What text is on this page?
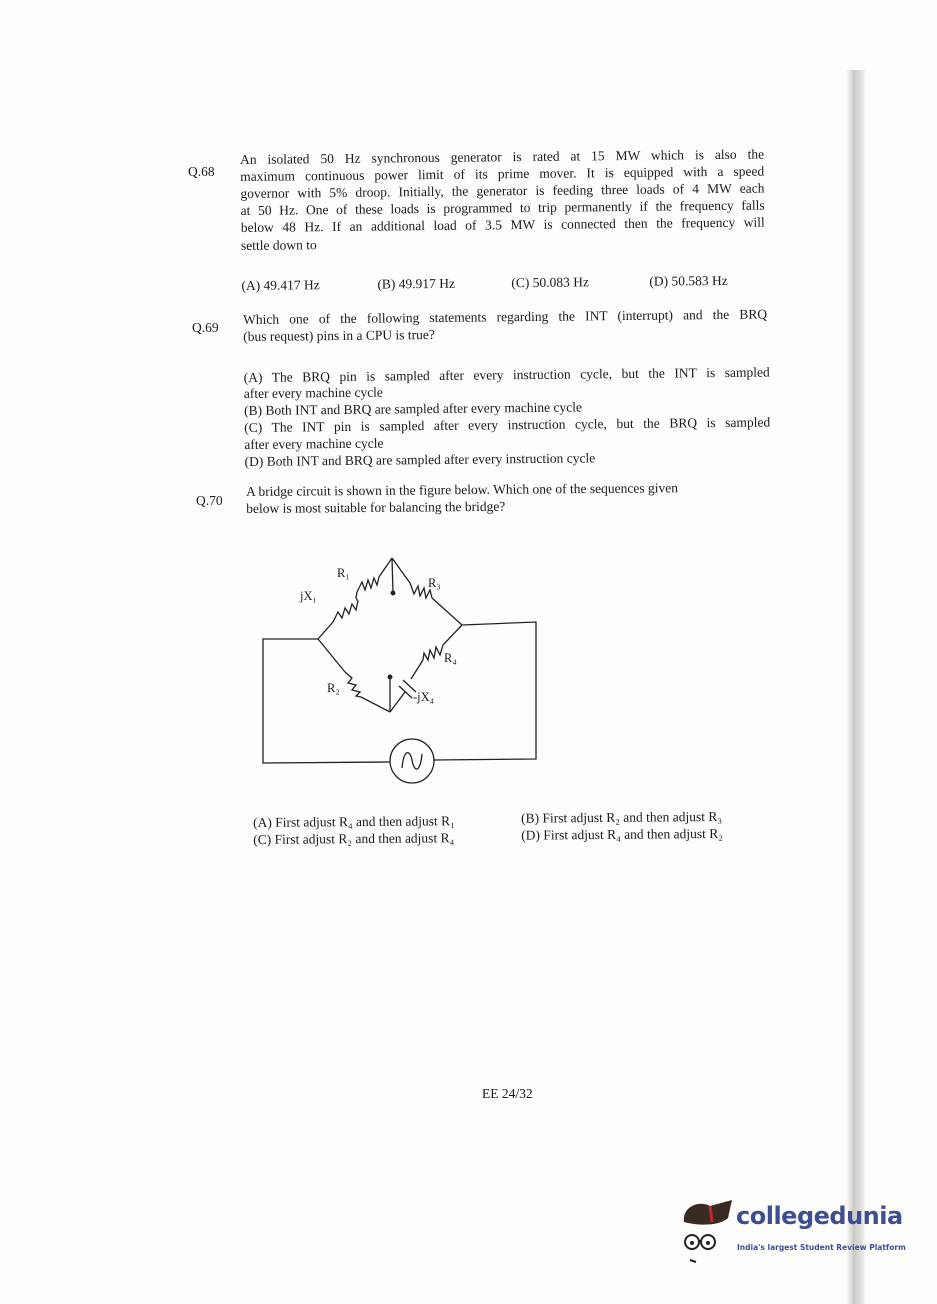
Q.68
An isolated 50 Hz synchronous generator is rated at 15 MW which is also the
maximum continuous power limit of its prime mover. It is equipped with a speed
governor with 5% droop. Initially, the generator is feeding three loads of 4 MW each
at 50 Hz. One of these loads is programmed to trip permanently if the frequency falls
below 48 Hz. If an additional load of 3.5 MW is connected then the frequency will
settle down to
(A) 49.417 Hz	(B) 49.917 Hz	(C) 50.083 Hz	(D) 50.583 Hz
Q.69
Which one of the following statements regarding the INT (interrupt) and the BRQ
(bus request) pins in a CPU is true?
(A) The BRQ pin is sampled after every instruction cycle, but the INT is sampled
after every machine cycle
(B) Both INT and BRQ are sampled after every machine cycle
(C) The INT pin is sampled after every instruction cycle, but the BRQ is sampled
after every machine cycle
(D) Both INT and BRQ are sampled after every instruction cycle
Q.70
A bridge circuit is shown in the figure below. Which one of the sequences given
below is most suitable for balancing the bridge?
R₁
jX₁
R₃
R₄
R₂
-jX₄
(A) First adjust R₄ and then adjust R₁
(C) First adjust R₂ and then adjust R₄
(B) First adjust R₂ and then adjust R₃
(D) First adjust R₄ and then adjust R₂
EE 24/32
collegedunia
India's largest Student Review Platform
